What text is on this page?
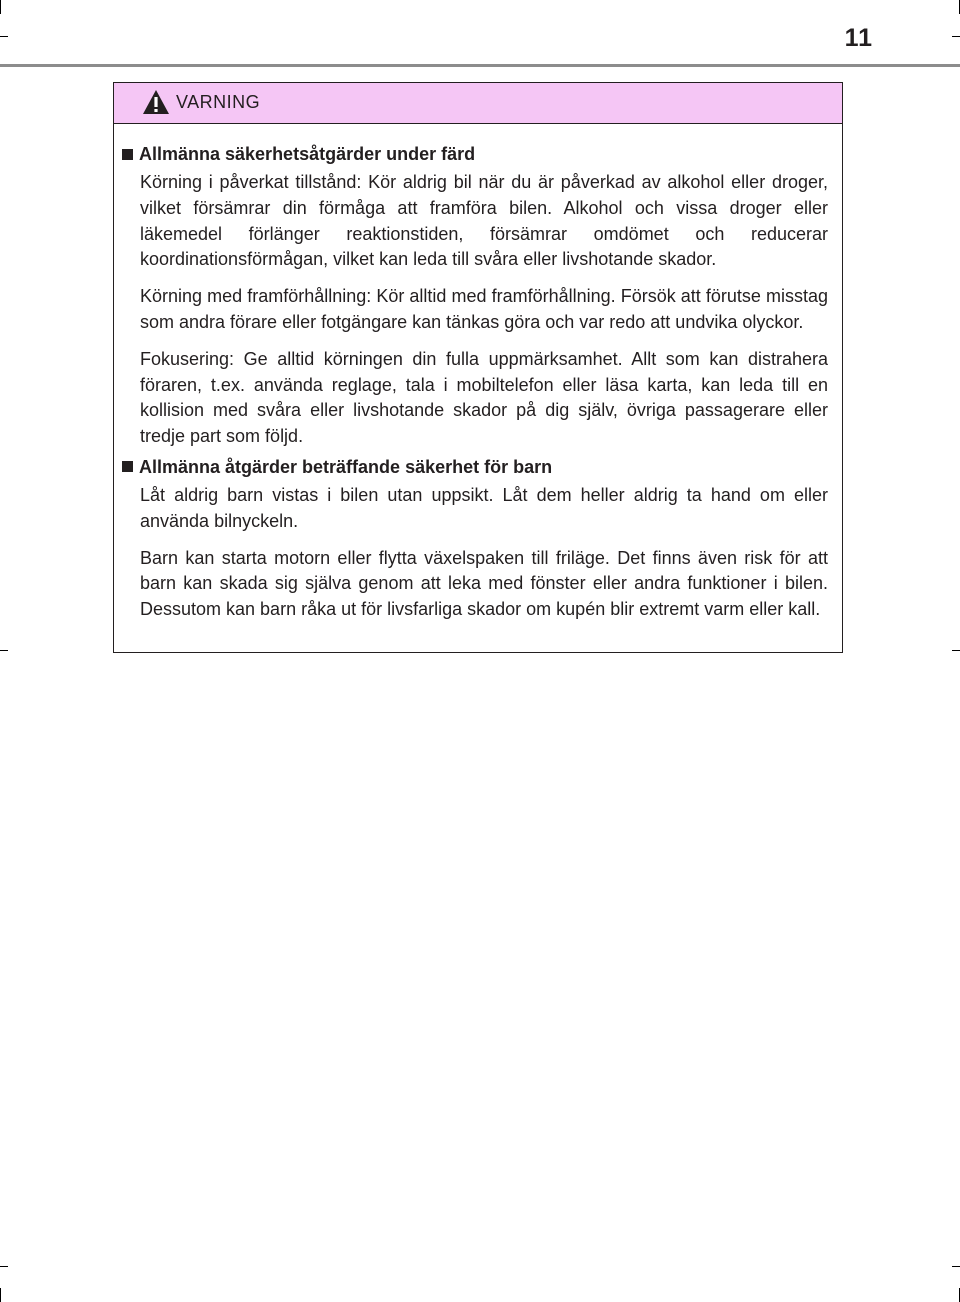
11
VARNING
Allmänna säkerhetsåtgärder under färd

Körning i påverkat tillstånd: Kör aldrig bil när du är påverkad av alkohol eller droger, vilket försämrar din förmåga att framföra bilen. Alkohol och vissa droger eller läkemedel förlänger reaktionstiden, försämrar omdömet och reducerar koordinationsförmågan, vilket kan leda till svåra eller livshotande skador.

Körning med framförhållning: Kör alltid med framförhållning. Försök att förutse misstag som andra förare eller fotgängare kan tänkas göra och var redo att undvika olyckor.

Fokusering: Ge alltid körningen din fulla uppmärksamhet. Allt som kan distrahera föraren, t.ex. använda reglage, tala i mobiltelefon eller läsa karta, kan leda till en kollision med svåra eller livshotande skador på dig själv, övriga passagerare eller tredje part som följd.

Allmänna åtgärder beträffande säkerhet för barn

Låt aldrig barn vistas i bilen utan uppsikt. Låt dem heller aldrig ta hand om eller använda bilnyckeln.

Barn kan starta motorn eller flytta växelspaken till friläge. Det finns även risk för att barn kan skada sig själva genom att leka med fönster eller andra funktioner i bilen. Dessutom kan barn råka ut för livsfarliga skador om kupén blir extremt varm eller kall.
